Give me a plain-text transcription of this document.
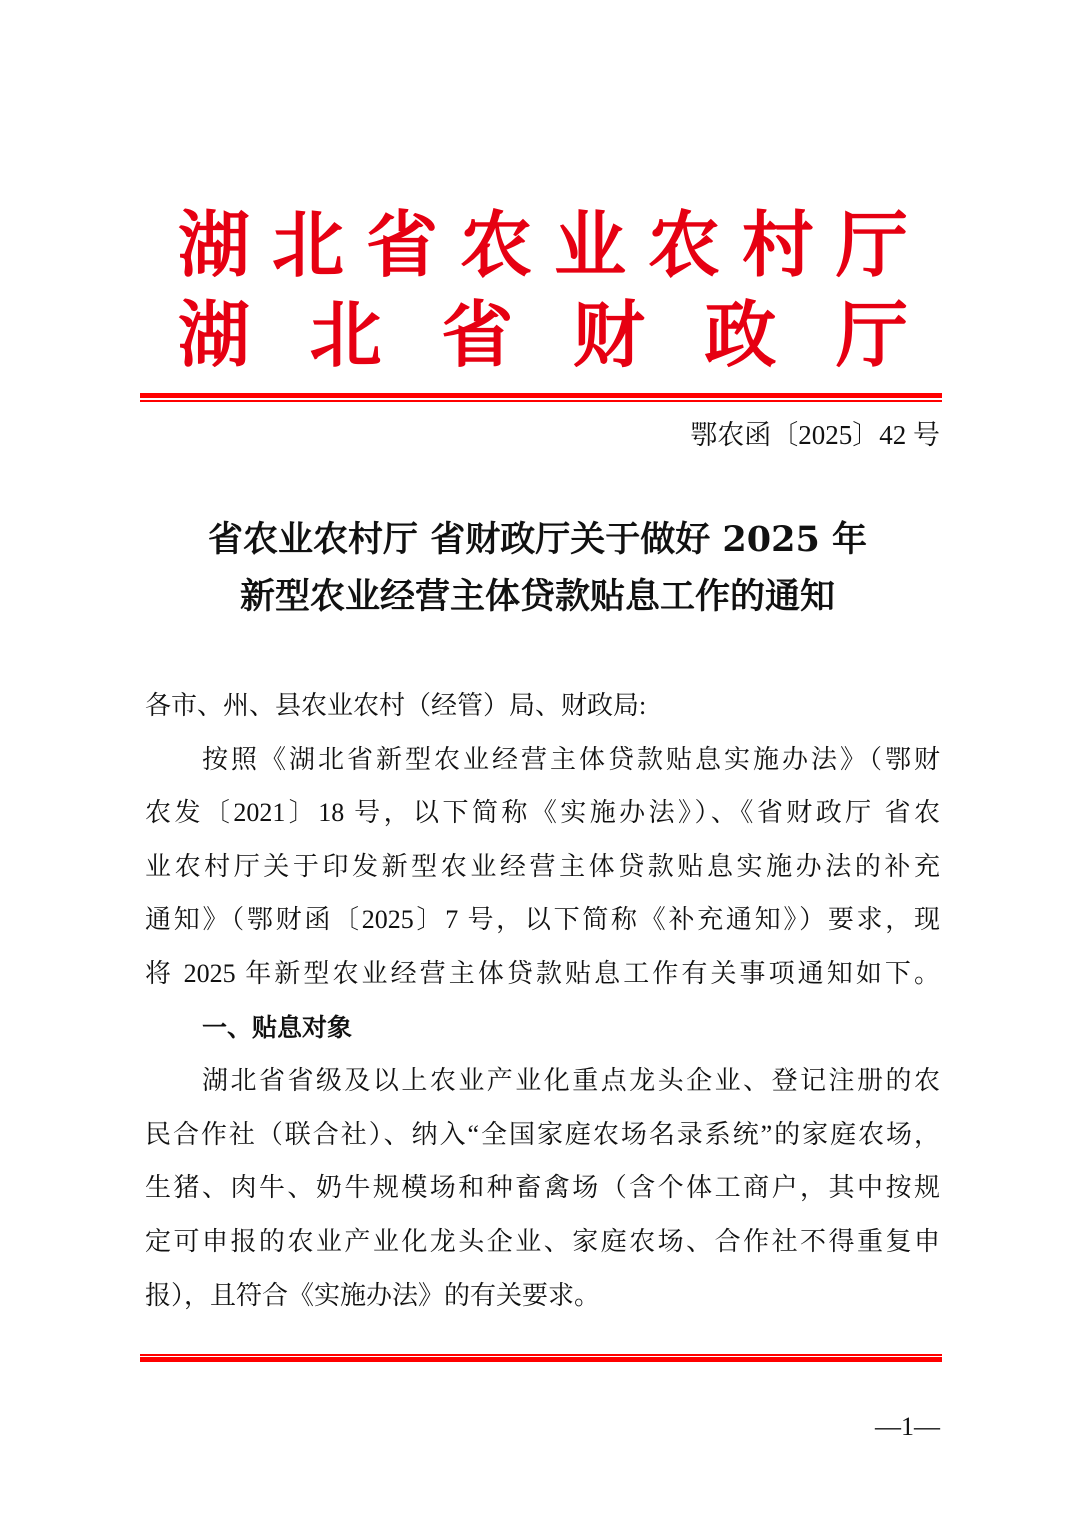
湖 北 省 农 业 农 村 厅
湖 北 省 财 政 厅
鄂农函〔2025〕42 号
省农业农村厅 省财政厅关于做好 2025 年
新型农业经营主体贷款贴息工作的通知
各市、州、县农业农村（经管）局、财政局:
按照《湖北省新型农业经营主体贷款贴息实施办法》（鄂财
农发〔2021〕18 号，以下简称《实施办法》）、《省财政厅 省农
业农村厅关于印发新型农业经营主体贷款贴息实施办法的补充
通知》（鄂财函〔2025〕7 号，以下简称《补充通知》）要求，现
将 2025 年新型农业经营主体贷款贴息工作有关事项通知如下。
一、贴息对象
湖北省省级及以上农业产业化重点龙头企业、登记注册的农
民合作社（联合社）、纳入“全国家庭农场名录系统”的家庭农场，
生猪、肉牛、奶牛规模场和种畜禽场（含个体工商户，其中按规
定可申报的农业产业化龙头企业、家庭农场、合作社不得重复申
报），且符合《实施办法》的有关要求。
—1—
